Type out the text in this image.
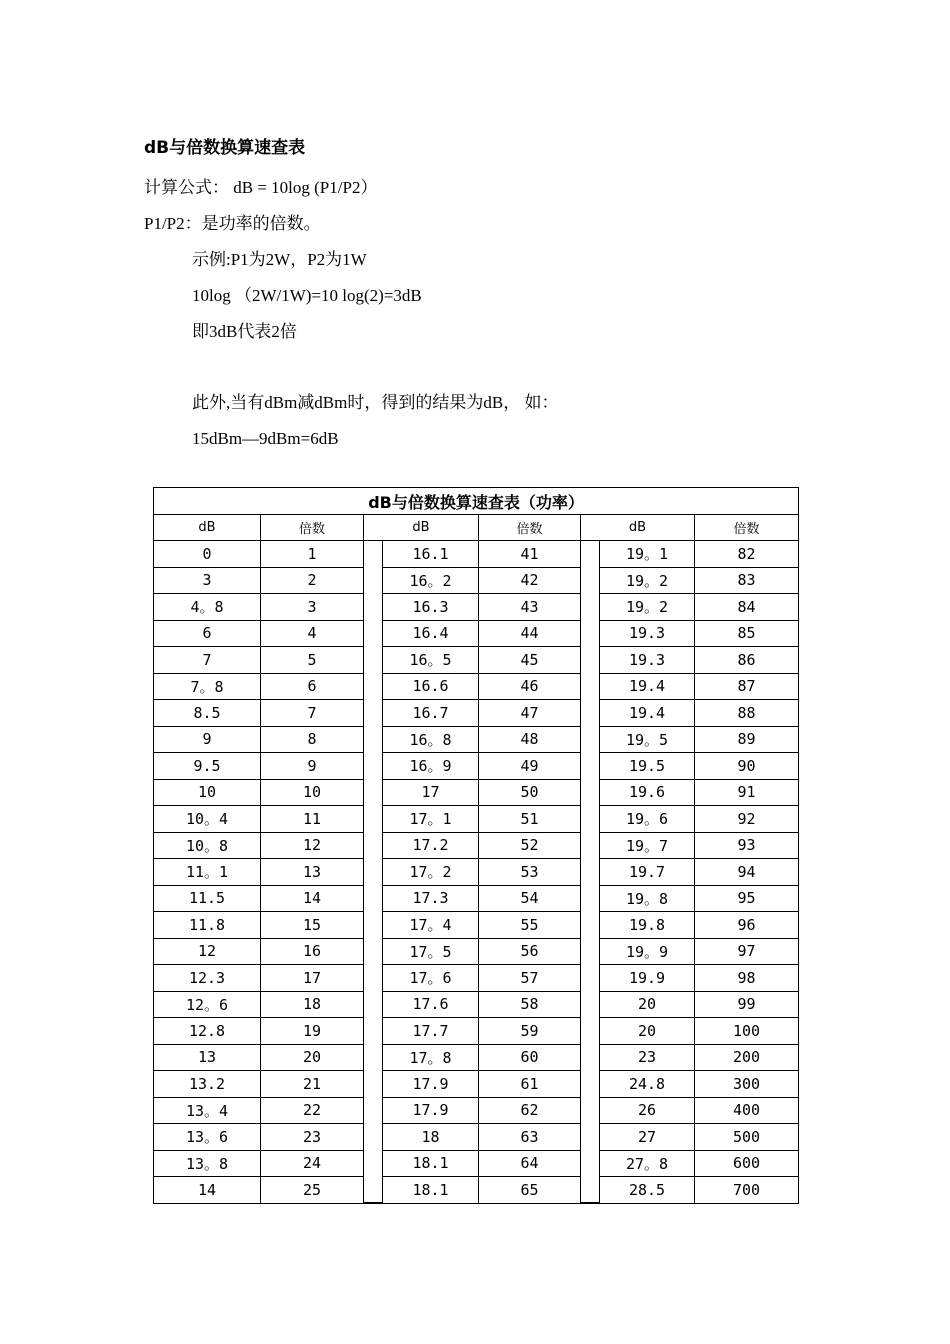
dB与倍数换算速查表
计算公式： dB = 10log (P1/P2）
P1/P2：是功率的倍数。
示例:P1为2W，P2为1W
10log （2W/1W)=10 log(2)=3dB
即3dB代表2倍
此外,当有dBm减dBm时，得到的结果为dB， 如：
15dBm—9dBm=6dB
dB与倍数换算速查表（功率）							
dB	倍数	dB		倍数	dB		倍数
0	1		16.1	41		19。1	82
3	2		16。2	42		19。2	83
4。8	3		16.3	43		19。2	84
6	4		16.4	44		19.3	85
7	5		16。5	45		19.3	86
7。8	6		16.6	46		19.4	87
8.5	7		16.7	47		19.4	88
9	8		16。8	48		19。5	89
9.5	9		16。9	49		19.5	90
10	10		17	50		19.6	91
10。4	11		17。1	51		19。6	92
10。8	12		17.2	52		19。7	93
11。1	13		17。2	53		19.7	94
11.5	14		17.3	54		19。8	95
11.8	15		17。4	55		19.8	96
12	16		17。5	56		19。9	97
12.3	17		17。6	57		19.9	98
12。6	18		17.6	58		20	99
12.8	19		17.7	59		20	100
13	20		17。8	60		23	200
13.2	21		17.9	61		24.8	300
13。4	22		17.9	62		26	400
13。6	23		18	63		27	500
13。8	24		18.1	64		27。8	600
14	25		18.1	65		28.5	700
